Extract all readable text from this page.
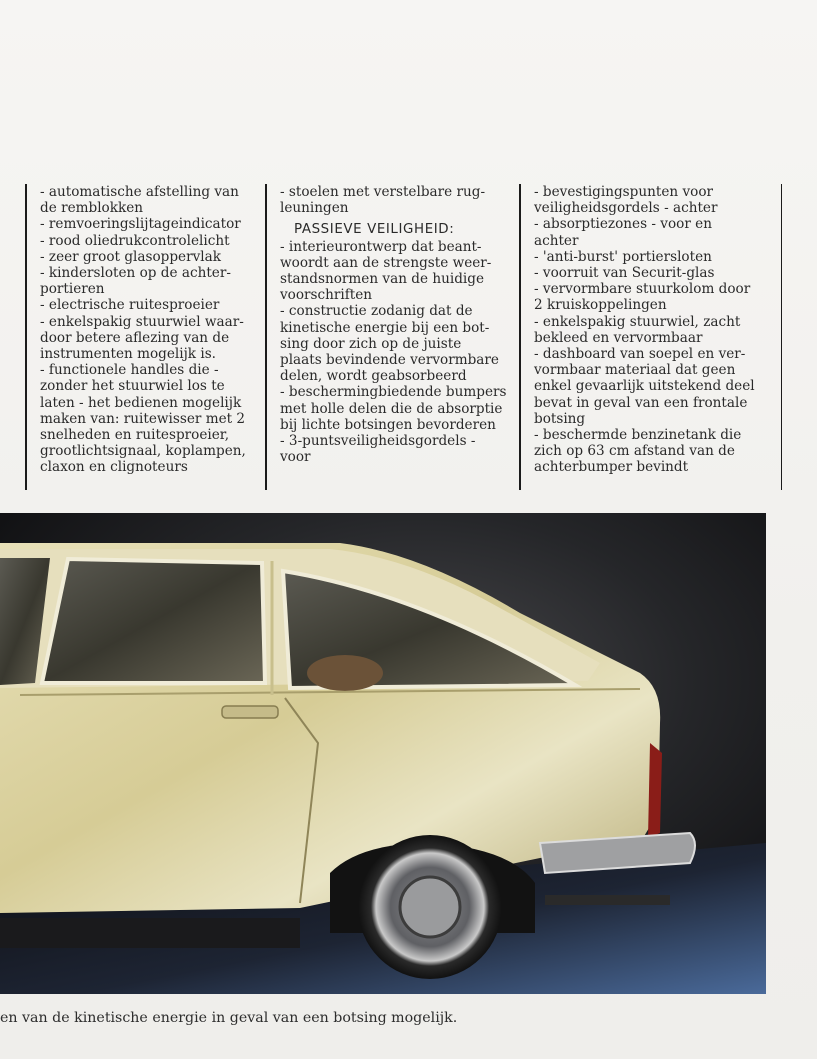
- automatische afstelling van
de remblokken
- remvoeringslijtageindicator
- rood oliedrukcontrolelicht
- zeer groot glasoppervlak
- kindersloten op de achter-
portieren
- electrische ruitesproeier
- enkelspakig stuurwiel waar-
door betere aflezing van de
instrumenten mogelijk is.
- functionele handles die -
zonder het stuurwiel los te
laten - het bedienen mogelijk
maken van: ruitewisser met 2
snelheden en ruitesproeier,
grootlichtsignaal, koplampen,
claxon en clignoteurs
- stoelen met verstelbare rug-
leuningen
PASSIEVE VEILIGHEID:
- interieurontwerp dat beant-
woordt aan de strengste weer-
standsnormen van de huidige
voorschriften
- constructie zodanig dat de
kinetische energie bij een bot-
sing door zich op de juiste
plaats bevindende vervormbare
delen, wordt geabsorbeerd
- beschermingbiedende bumpers
met holle delen die de absorptie
bij lichte botsingen bevorderen
- 3-puntsveiligheidsgordels -
voor
- bevestigingspunten voor
veiligheidsgordels - achter
- absorptiezones - voor en
achter
- 'anti-burst' portiersloten
- voorruit van Securit-glas
- vervormbare stuurkolom door
2 kruiskoppelingen
- enkelspakig stuurwiel, zacht
bekleed en vervormbaar
- dashboard van soepel en ver-
vormbaar materiaal dat geen
enkel gevaarlijk uitstekend deel
bevat in geval van een frontale
botsing
- beschermde benzinetank die
zich op 63 cm afstand van de
achterbumper bevindt
en van de kinetische energie in geval van een botsing mogelijk.
